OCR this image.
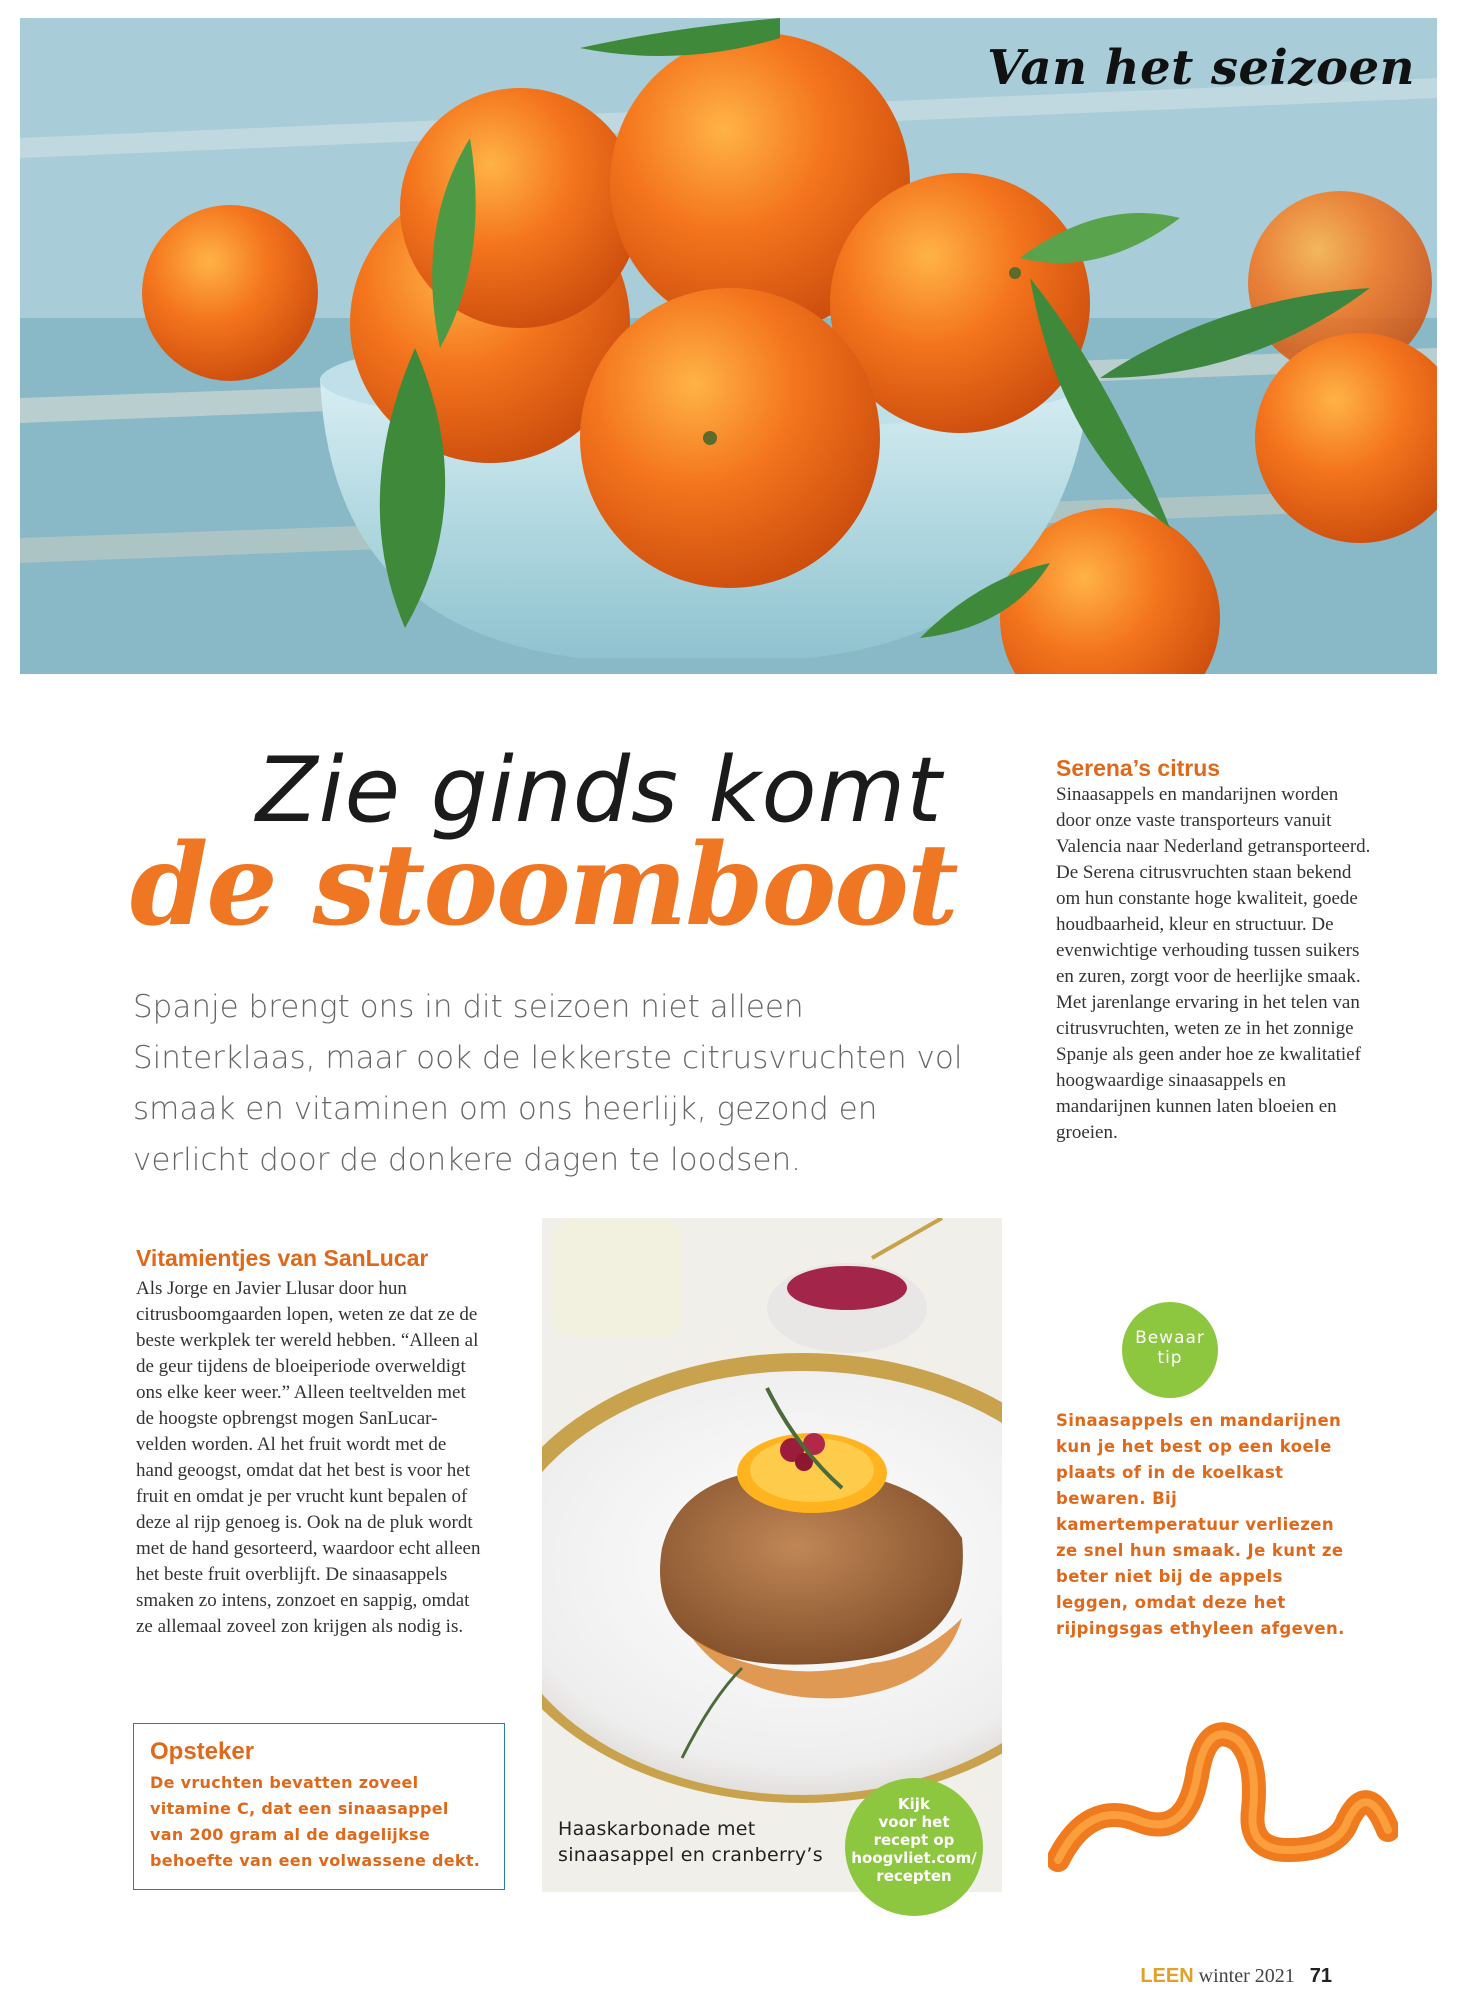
Van het seizoen
Zie ginds komt
de stoomboot

Spanje brengt ons in dit seizoen niet alleen Sinterklaas, maar ook de lekkerste citrusvruchten vol smaak en vitaminen om ons heerlijk, gezond en verlicht door de donkere dagen te loodsen.

Serena’s citrus

Sinaasappels en mandarijnen worden door onze vaste transporteurs vanuit Valencia naar Nederland getransporteerd. De Serena citrusvruchten staan bekend om hun constante hoge kwaliteit, goede houdbaarheid, kleur en structuur. De evenwichtige verhouding tussen suikers en zuren, zorgt voor de heerlijke smaak. Met jarenlange ervaring in het telen van citrusvruchten, weten ze in het zonnige Spanje als geen ander hoe ze kwalitatief hoogwaardige sinaasappels en mandarijnen kunnen laten bloeien en groeien.

Bewaar
tip

Sinaasappels en mandarijnen kun je het best op een koele plaats of in de koelkast bewaren. Bij kamertemperatuur verliezen ze snel hun smaak. Je kunt ze beter niet bij de appels leggen, omdat deze het rijpingsgas ethyleen afgeven.

Vitamientjes van SanLucar

Als Jorge en Javier Llusar door hun citrusboomgaarden lopen, weten ze dat ze de beste werkplek ter wereld hebben. “Alleen al de geur tijdens de bloeiperiode overweldigt ons elke keer weer.” Alleen teeltvelden met de hoogste opbrengst mogen SanLucar-velden worden. Al het fruit wordt met de hand geoogst, omdat dat het best is voor het fruit en omdat je per vrucht kunt bepalen of deze al rijp genoeg is. Ook na de pluk wordt met de hand gesorteerd, waardoor echt alleen het beste fruit overblijft. De sinaasappels smaken zo intens, zonzoet en sappig, omdat ze allemaal zoveel zon krijgen als nodig is.

Opsteker

De vruchten bevatten zoveel vitamine C, dat een sinaasappel van 200 gram al de dagelijkse behoefte van een volwassene dekt.

Haaskarbonade met
sinaasappel en cranberry’s
Kijk
voor het
recept op
hoogvliet.com/
recepten
LEEN winter 2021 71
